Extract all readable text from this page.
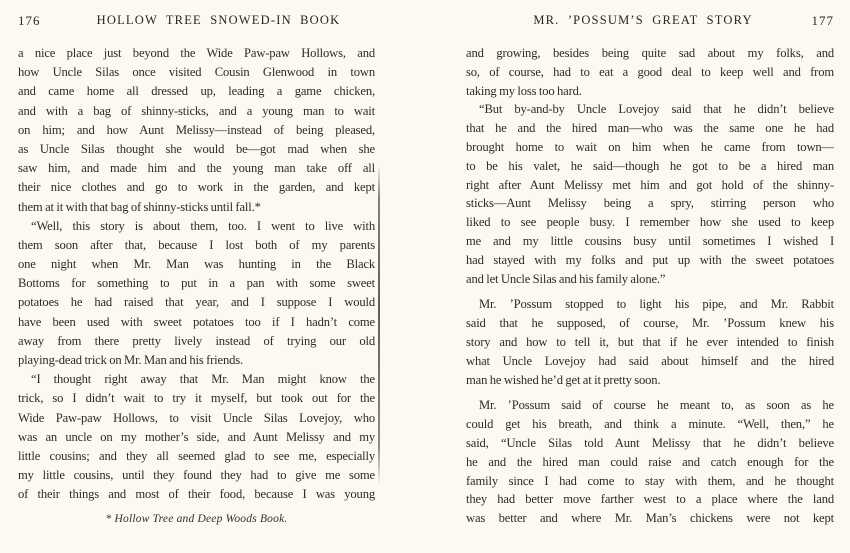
176	HOLLOW TREE SNOWED-IN BOOK
a nice place just beyond the Wide Paw-paw Hollows, and
how Uncle Silas once visited Cousin Glenwood in town
and came home all dressed up, leading a game chicken,
and with a bag of shinny-sticks, and a young man to wait
on him; and how Aunt Melissy—instead of being pleased,
as Uncle Silas thought she would be—got mad when she
saw him, and made him and the young man take off all
their nice clothes and go to work in the garden, and kept
them at it with that bag of shinny-sticks until fall.*
“Well, this story is about them, too. I went to live with
them soon after that, because I lost both of my parents
one night when Mr. Man was hunting in the Black
Bottoms for something to put in a pan with some sweet
potatoes he had raised that year, and I suppose I would
have been used with sweet potatoes too if I hadn’t come
away from there pretty lively instead of trying our old
playing-dead trick on Mr. Man and his friends.
“I thought right away that Mr. Man might know the
trick, so I didn’t wait to try it myself, but took out for the
Wide Paw-paw Hollows, to visit Uncle Silas Lovejoy, who
was an uncle on my mother’s side, and Aunt Melissy and my
little cousins; and they all seemed glad to see me, especially
my little cousins, until they found they had to give me some
of their things and most of their food, because I was young
* Hollow Tree and Deep Woods Book.
MR. ’POSSUM’S GREAT STORY	177
and growing, besides being quite sad about my folks, and
so, of course, had to eat a good deal to keep well and from
taking my loss too hard.
“But by-and-by Uncle Lovejoy said that he didn’t believe
that he and the hired man—who was the same one he had
brought home to wait on him when he came from town—
to be his valet, he said—though he got to be a hired man
right after Aunt Melissy met him and got hold of the shinny-
sticks—Aunt Melissy being a spry, stirring person who
liked to see people busy. I remember how she used to keep
me and my little cousins busy until sometimes I wished I
had stayed with my folks and put up with the sweet potatoes
and let Uncle Silas and his family alone.”
Mr. ’Possum stopped to light his pipe, and Mr. Rabbit
said that he supposed, of course, Mr. ’Possum knew his
story and how to tell it, but that if he ever intended to finish
what Uncle Lovejoy had said about himself and the hired
man he wished he’d get at it pretty soon.
Mr. ’Possum said of course he meant to, as soon as he
could get his breath, and think a minute. “Well, then,” he
said, “Uncle Silas told Aunt Melissy that he didn’t believe
he and the hired man could raise and catch enough for the
family since I had come to stay with them, and he thought
they had better move farther west to a place where the land
was better and where Mr. Man’s chickens were not kept
